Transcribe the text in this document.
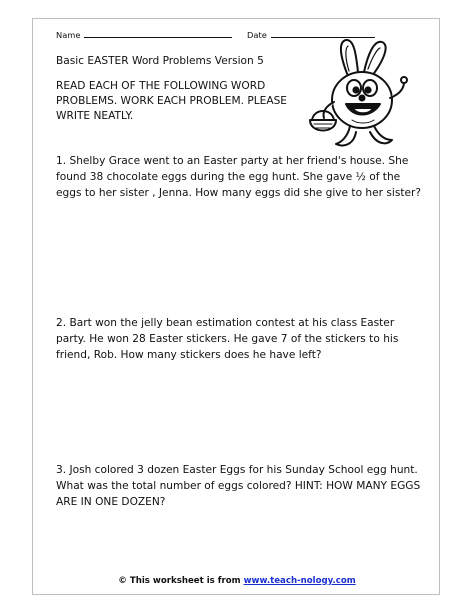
Name	Date
Basic EASTER Word Problems Version 5
READ EACH OF THE FOLLOWING WORD PROBLEMS. WORK EACH PROBLEM. PLEASE WRITE NEATLY.
1. Shelby Grace went to an Easter party at her friend's house. She found 38 chocolate eggs during the egg hunt. She gave ½ of the eggs to her sister , Jenna. How many eggs did she give to her sister?
2. Bart won the jelly bean estimation contest at his class Easter party. He won 28 Easter stickers. He gave 7 of the stickers to his friend, Rob. How many stickers does he have left?
3. Josh colored 3 dozen Easter Eggs for his Sunday School egg hunt. What was the total number of eggs colored? HINT: HOW MANY EGGS ARE IN ONE DOZEN?
© This worksheet is from www.teach-nology.com
